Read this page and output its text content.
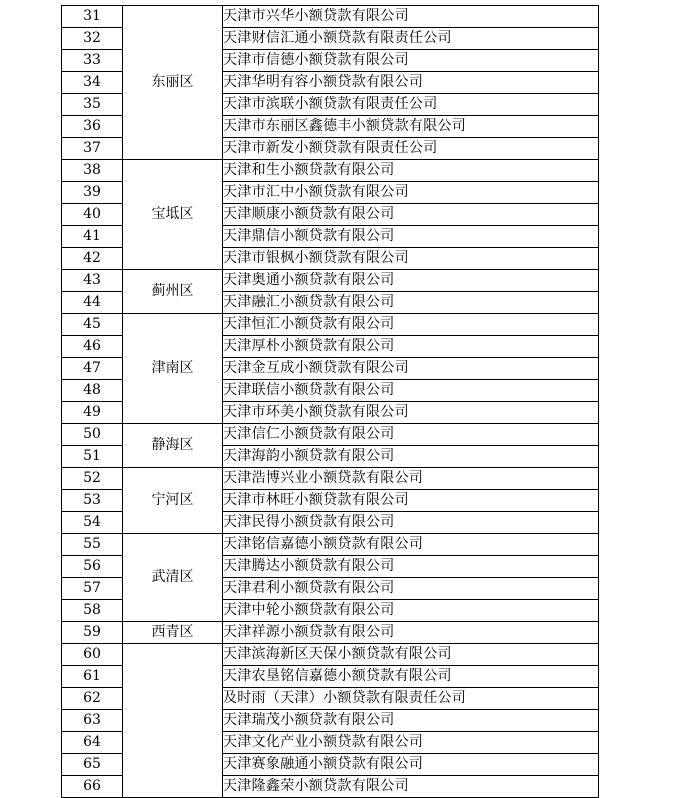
31	东丽区	天津市兴华小额贷款有限公司
32		天津财信汇通小额贷款有限责任公司
33		天津市信德小额贷款有限公司
34		天津华明有容小额贷款有限公司
35		天津市滨联小额贷款有限责任公司
36		天津市东丽区鑫德丰小额贷款有限公司
37		天津市新发小额贷款有限责任公司
38	宝坻区	天津和生小额贷款有限公司
39		天津市汇中小额贷款有限公司
40		天津顺康小额贷款有限公司
41		天津鼎信小额贷款有限公司
42		天津市银枫小额贷款有限公司
43	蓟州区	天津奥通小额贷款有限公司
44		天津融汇小额贷款有限公司
45	津南区	天津恒汇小额贷款有限公司
46		天津厚朴小额贷款有限公司
47		天津金互成小额贷款有限公司
48		天津联信小额贷款有限公司
49		天津市环美小额贷款有限公司
50	静海区	天津信仁小额贷款有限公司
51		天津海韵小额贷款有限公司
52	宁河区	天津浩博兴业小额贷款有限公司
53		天津市林旺小额贷款有限公司
54		天津民得小额贷款有限公司
55	武清区	天津铭信嘉德小额贷款有限公司
56		天津腾达小额贷款有限公司
57		天津君利小额贷款有限公司
58		天津中轮小额贷款有限公司
59	西青区	天津祥源小额贷款有限公司
60		天津滨海新区天保小额贷款有限公司
61		天津农垦铭信嘉德小额贷款有限公司
62		及时雨（天津）小额贷款有限责任公司
63		天津瑞茂小额贷款有限公司
64		天津文化产业小额贷款有限公司
65		天津赛象融通小额贷款有限公司
66		天津隆鑫荣小额贷款有限公司
